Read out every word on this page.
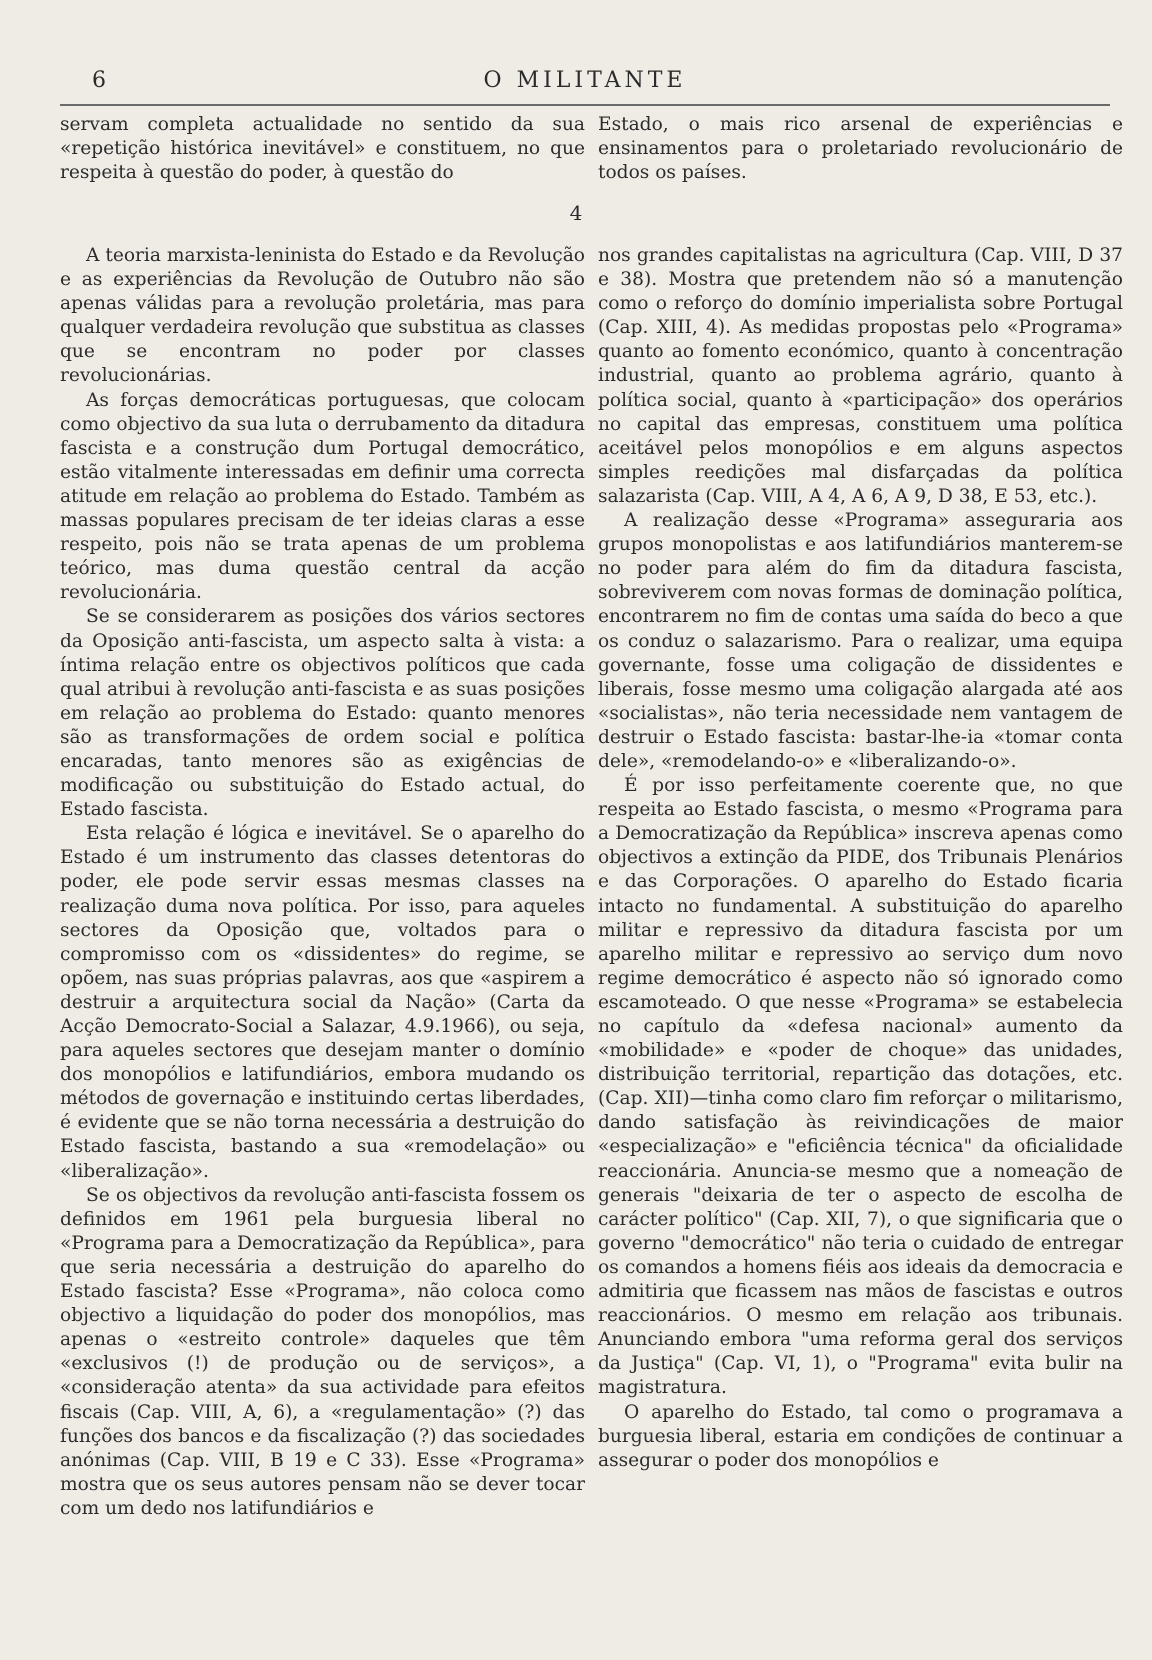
6	O MILITANTE

servam completa actualidade no sentido da sua «repetição histórica inevitável» e constituem, no que respeita à questão do poder, à questão do

Estado, o mais rico arsenal de experiências e ensinamentos para o proletariado revolucionário de todos os países.

4

A teoria marxista-leninista do Estado e da Revolução e as experiências da Revolução de Outubro não são apenas válidas para a revolução proletária, mas para qualquer verdadeira revolução que substitua as classes que se encontram no poder por classes revolucionárias.

As forças democráticas portuguesas, que colocam como objectivo da sua luta o derrubamento da ditadura fascista e a construção dum Portugal democrático, estão vitalmente interessadas em definir uma correcta atitude em relação ao problema do Estado. Também as massas populares precisam de ter ideias claras a esse respeito, pois não se trata apenas de um problema teórico, mas duma questão central da acção revolucionária.

Se se considerarem as posições dos vários sectores da Oposição anti-fascista, um aspecto salta à vista: a íntima relação entre os objectivos políticos que cada qual atribui à revolução anti-fascista e as suas posições em relação ao problema do Estado: quanto menores são as transformações de ordem social e política encaradas, tanto menores são as exigências de modificação ou substituição do Estado actual, do Estado fascista.

Esta relação é lógica e inevitável. Se o aparelho do Estado é um instrumento das classes detentoras do poder, ele pode servir essas mesmas classes na realização duma nova política. Por isso, para aqueles sectores da Oposição que, voltados para o compromisso com os «dissidentes» do regime, se opõem, nas suas próprias palavras, aos que «aspirem a destruir a arquitectura social da Nação» (Carta da Acção Democrato-Social a Salazar, 4.9.1966), ou seja, para aqueles sectores que desejam manter o domínio dos monopólios e latifundiários, embora mudando os métodos de governação e instituindo certas liberdades, é evidente que se não torna necessária a destruição do Estado fascista, bastando a sua «remodelação» ou «liberalização».

Se os objectivos da revolução anti-fascista fossem os definidos em 1961 pela burguesia liberal no «Programa para a Democratização da República», para que seria necessária a destruição do aparelho do Estado fascista? Esse «Programa», não coloca como objectivo a liquidação do poder dos monopólios, mas apenas o «estreito controle» daqueles que têm «exclusivos (!) de produção ou de serviços», a «consideração atenta» da sua actividade para efeitos fiscais (Cap. VIII, A, 6), a «regulamentação» (?) das funções dos bancos e da fiscalização (?) das sociedades anónimas (Cap. VIII, B 19 e C 33). Esse «Programa» mostra que os seus autores pensam não se dever tocar com um dedo nos latifundiários e

nos grandes capitalistas na agricultura (Cap. VIII, D 37 e 38). Mostra que pretendem não só a manutenção como o reforço do domínio imperialista sobre Portugal (Cap. XIII, 4). As medidas propostas pelo «Programa» quanto ao fomento económico, quanto à concentração industrial, quanto ao problema agrário, quanto à política social, quanto à «participação» dos operários no capital das empresas, constituem uma política aceitável pelos monopólios e em alguns aspectos simples reedições mal disfarçadas da política salazarista (Cap. VIII, A 4, A 6, A 9, D 38, E 53, etc.).

A realização desse «Programa» asseguraria aos grupos monopolistas e aos latifundiários manterem-se no poder para além do fim da ditadura fascista, sobreviverem com novas formas de dominação política, encontrarem no fim de contas uma saída do beco a que os conduz o salazarismo. Para o realizar, uma equipa governante, fosse uma coligação de dissidentes e liberais, fosse mesmo uma coligação alargada até aos «socialistas», não teria necessidade nem vantagem de destruir o Estado fascista: bastar-lhe-ia «tomar conta dele», «remodelando-o» e «liberalizando-o».

É por isso perfeitamente coerente que, no que respeita ao Estado fascista, o mesmo «Programa para a Democratização da República» inscreva apenas como objectivos a extinção da PIDE, dos Tribunais Plenários e das Corporações. O aparelho do Estado ficaria intacto no fundamental. A substituição do aparelho militar e repressivo da ditadura fascista por um aparelho militar e repressivo ao serviço dum novo regime democrático é aspecto não só ignorado como escamoteado. O que nesse «Programa» se estabelecia no capítulo da «defesa nacional» aumento da «mobilidade» e «poder de choque» das unidades, distribuição territorial, repartição das dotações, etc. (Cap. XII)—tinha como claro fim reforçar o militarismo, dando satisfação às reivindicações de maior «especialização» e "eficiência técnica" da oficialidade reaccionária. Anuncia-se mesmo que a nomeação de generais "deixaria de ter o aspecto de escolha de carácter político" (Cap. XII, 7), o que significaria que o governo "democrático" não teria o cuidado de entregar os comandos a homens fiéis aos ideais da democracia e admitiria que ficassem nas mãos de fascistas e outros reaccionários. O mesmo em relação aos tribunais. Anunciando embora "uma reforma geral dos serviços da Justiça" (Cap. VI, 1), o "Programa" evita bulir na magistratura.

O aparelho do Estado, tal como o programava a burguesia liberal, estaria em condições de continuar a assegurar o poder dos monopólios e
